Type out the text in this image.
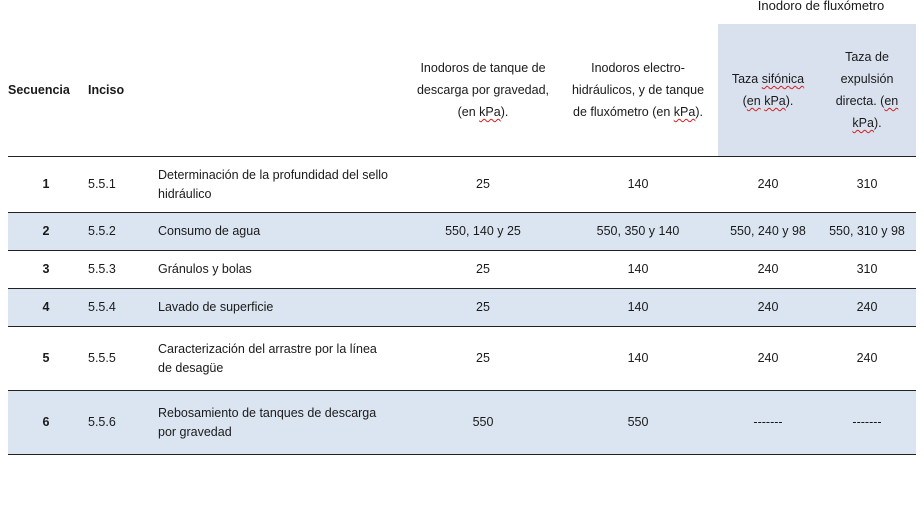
Inodoro de fluxómetro
Secuencia	Inciso		Inodoros de tanque de
descarga por gravedad,
(en kPa).	Inodoros electro-
hidráulicos, y de tanque
de fluxómetro (en kPa).	Taza sifónica
(en kPa).	Taza de
expulsión
directa. (en
kPa).
1	5.5.1	Determinación de la profundidad del sello hidráulico	25	140	240	310
2	5.5.2	Consumo de agua	550, 140 y 25	550, 350 y 140	550, 240 y 98	550, 310 y 98
3	5.5.3	Gránulos y bolas	25	140	240	310
4	5.5.4	Lavado de superficie	25	140	240	240
5	5.5.5	Caracterización del arrastre por la línea de desagüe	25	140	240	240
6	5.5.6	Rebosamiento de tanques de descarga por gravedad	550	550	-------	-------
